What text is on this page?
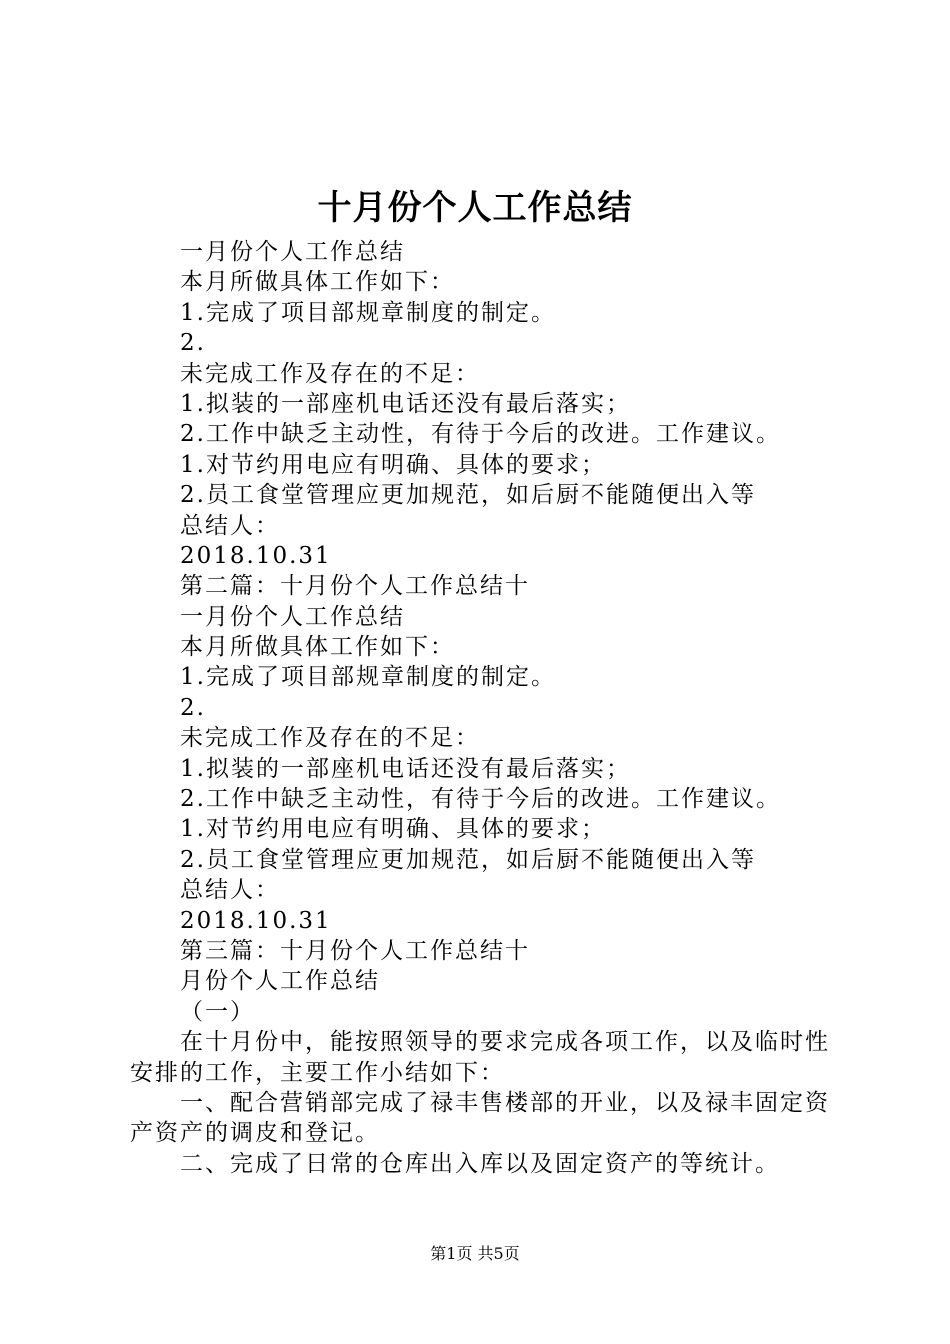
十月份个人工作总结
一月份个人工作总结
本月所做具体工作如下：
1.完成了项目部规章制度的制定。
2.
未完成工作及存在的不足：
1.拟装的一部座机电话还没有最后落实；
2.工作中缺乏主动性，有待于今后的改进。工作建议。
1.对节约用电应有明确、具体的要求；
2.员工食堂管理应更加规范，如后厨不能随便出入等
总结人：
2018.10.31
第二篇：十月份个人工作总结十
一月份个人工作总结
本月所做具体工作如下：
1.完成了项目部规章制度的制定。
2.
未完成工作及存在的不足：
1.拟装的一部座机电话还没有最后落实；
2.工作中缺乏主动性，有待于今后的改进。工作建议。
1.对节约用电应有明确、具体的要求；
2.员工食堂管理应更加规范，如后厨不能随便出入等
总结人：
2018.10.31
第三篇：十月份个人工作总结十
月份个人工作总结
（一）
在十月份中，能按照领导的要求完成各项工作，以及临时性安排的工作，主要工作小结如下：
一、配合营销部完成了禄丰售楼部的开业，以及禄丰固定资产资产的调皮和登记。
二、完成了日常的仓库出入库以及固定资产的等统计。
第1页 共5页
